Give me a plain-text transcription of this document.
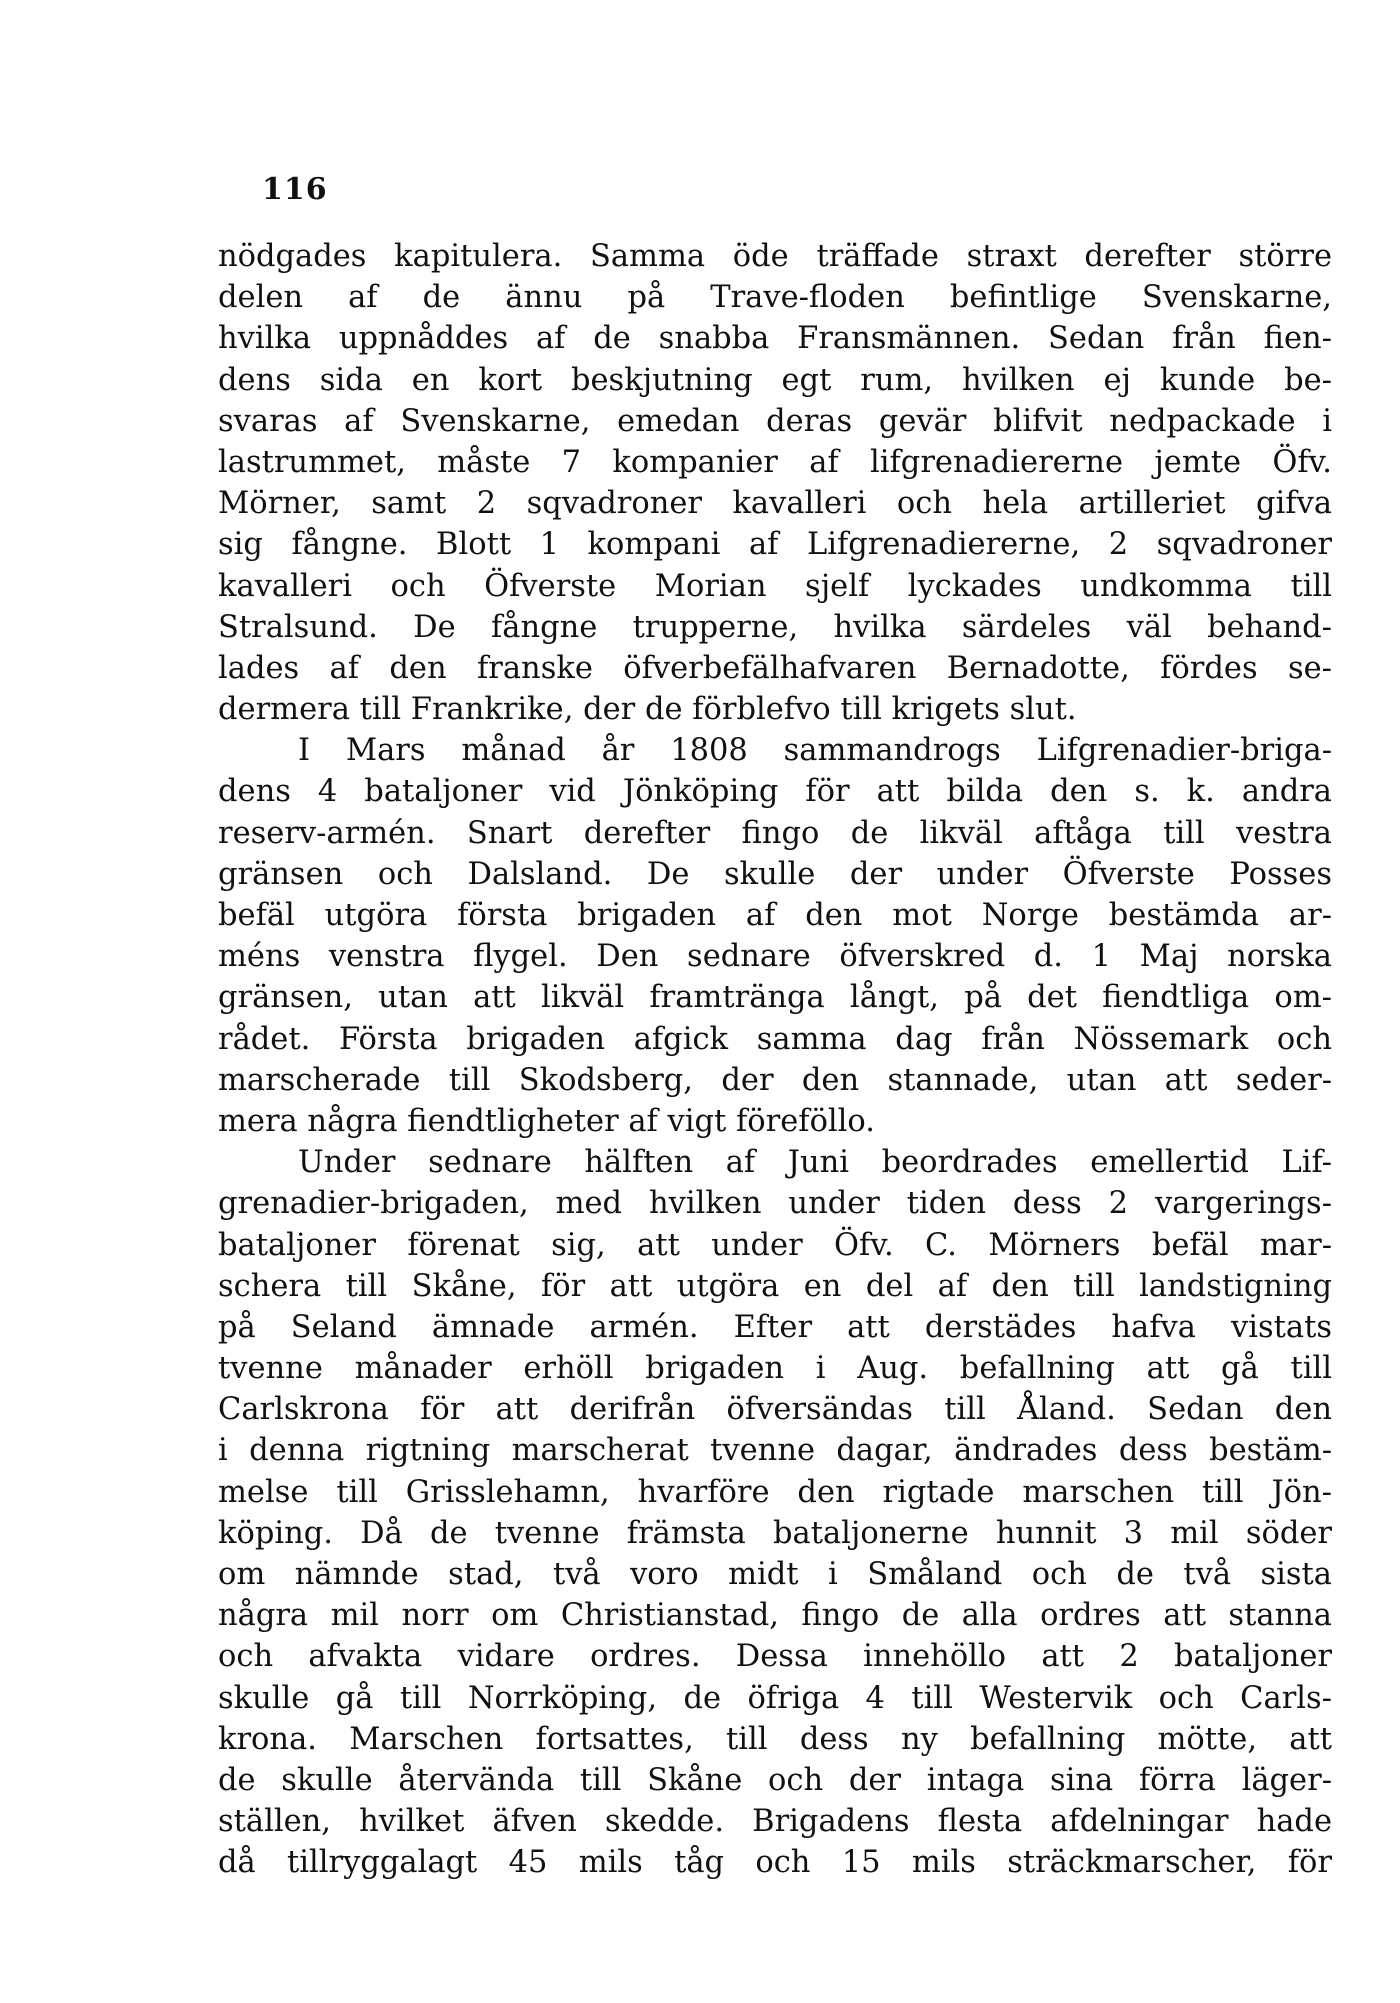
116
nödgades kapitulera. Samma öde träffade straxt derefter större
delen af de ännu på Trave-floden befintlige Svenskarne,
hvilka uppnåddes af de snabba Fransmännen. Sedan från fien-
dens sida en kort beskjutning egt rum, hvilken ej kunde be-
svaras af Svenskarne, emedan deras gevär blifvit nedpackade i
lastrummet, måste 7 kompanier af lifgrenadiererne jemte Öfv.
Mörner, samt 2 sqvadroner kavalleri och hela artilleriet gifva
sig fångne. Blott 1 kompani af Lifgrenadiererne, 2 sqvadroner
kavalleri och Öfverste Morian sjelf lyckades undkomma till
Stralsund. De fångne trupperne, hvilka särdeles väl behand-
lades af den franske öfverbefälhafvaren Bernadotte, fördes se-
dermera till Frankrike, der de förblefvo till krigets slut.
I Mars månad år 1808 sammandrogs Lifgrenadier-briga-
dens 4 bataljoner vid Jönköping för att bilda den s. k. andra
reserv-armén. Snart derefter fingo de likväl aftåga till vestra
gränsen och Dalsland. De skulle der under Öfverste Posses
befäl utgöra första brigaden af den mot Norge bestämda ar-
méns venstra flygel. Den sednare öfverskred d. 1 Maj norska
gränsen, utan att likväl framtränga långt, på det fiendtliga om-
rådet. Första brigaden afgick samma dag från Nössemark och
marscherade till Skodsberg, der den stannade, utan att seder-
mera några fiendtligheter af vigt föreföllo.
Under sednare hälften af Juni beordrades emellertid Lif-
grenadier-brigaden, med hvilken under tiden dess 2 vargerings-
bataljoner förenat sig, att under Öfv. C. Mörners befäl mar-
schera till Skåne, för att utgöra en del af den till landstigning
på Seland ämnade armén. Efter att derstädes hafva vistats
tvenne månader erhöll brigaden i Aug. befallning att gå till
Carlskrona för att derifrån öfversändas till Åland. Sedan den
i denna rigtning marscherat tvenne dagar, ändrades dess bestäm-
melse till Grisslehamn, hvarföre den rigtade marschen till Jön-
köping. Då de tvenne främsta bataljonerne hunnit 3 mil söder
om nämnde stad, två voro midt i Småland och de två sista
några mil norr om Christianstad, fingo de alla ordres att stanna
och afvakta vidare ordres. Dessa innehöllo att 2 bataljoner
skulle gå till Norrköping, de öfriga 4 till Westervik och Carls-
krona. Marschen fortsattes, till dess ny befallning mötte, att
de skulle återvända till Skåne och der intaga sina förra läger-
ställen, hvilket äfven skedde. Brigadens flesta afdelningar hade
då tillryggalagt 45 mils tåg och 15 mils sträckmarscher, för
